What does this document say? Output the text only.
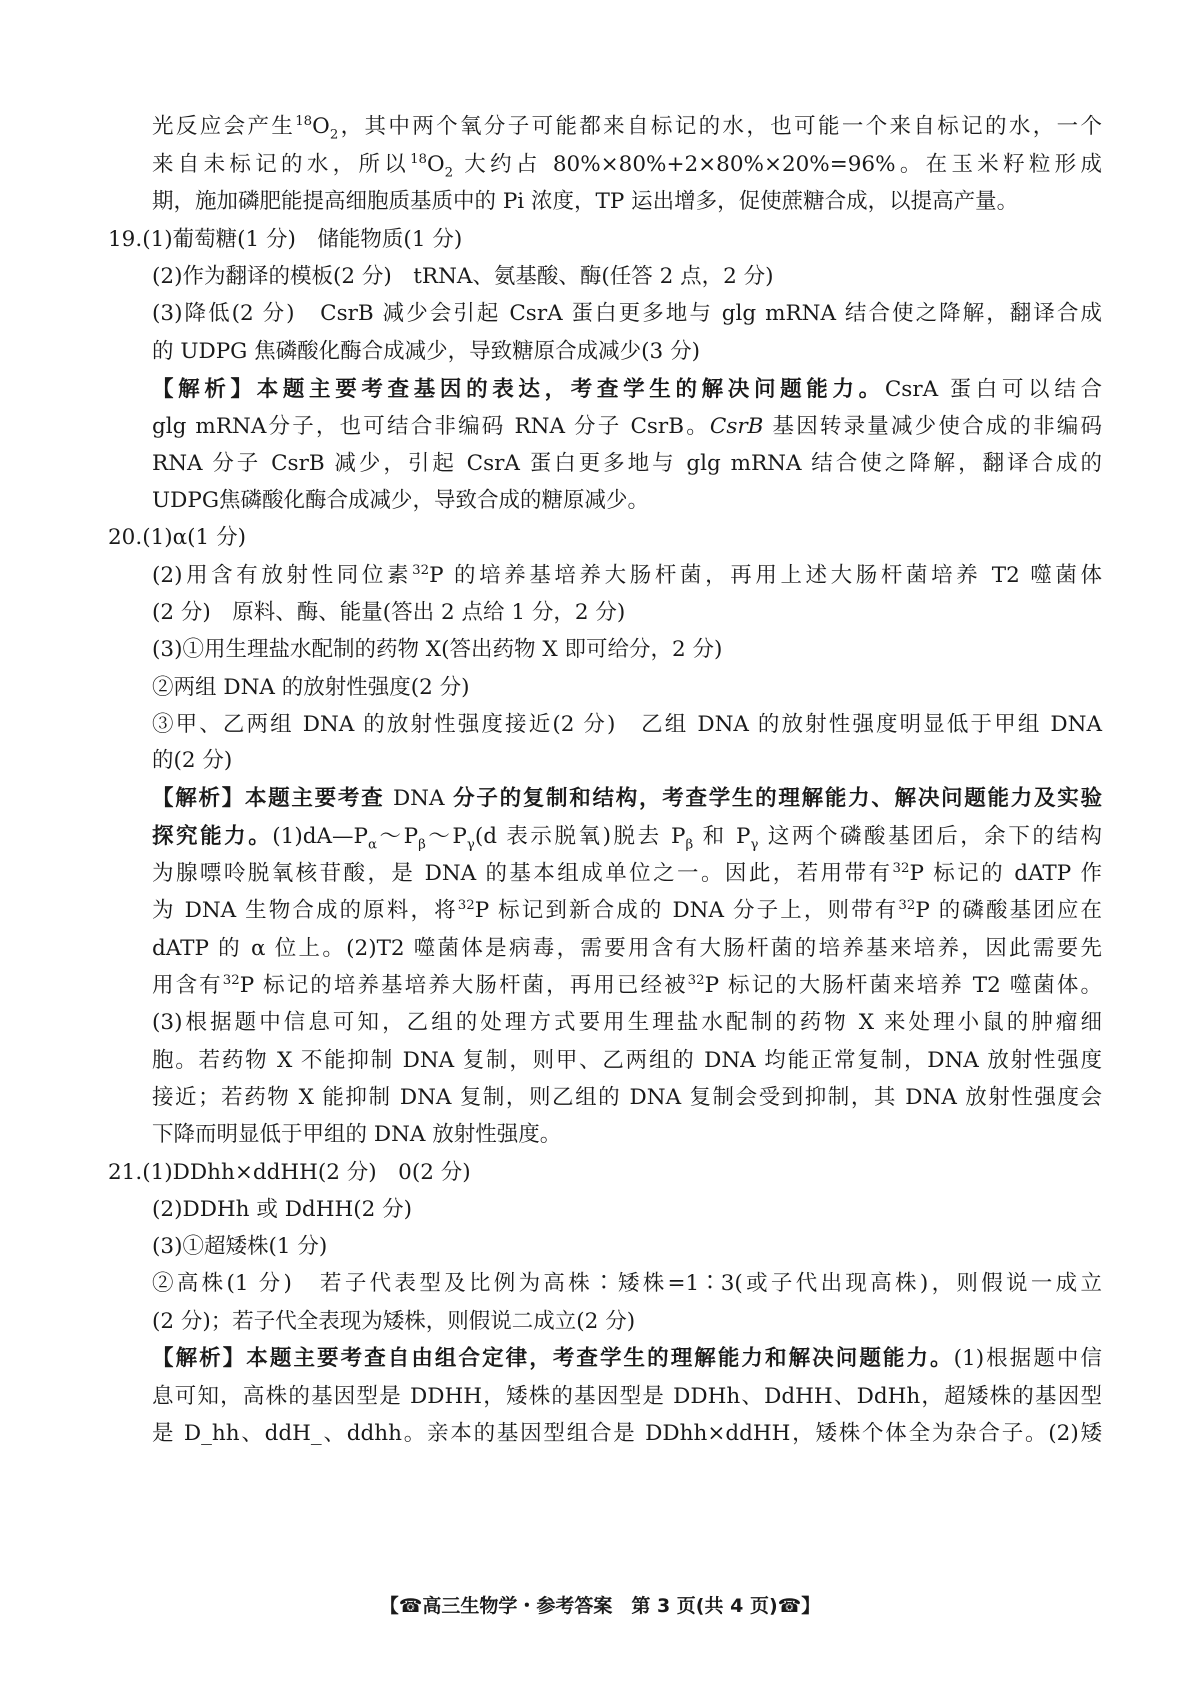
光反应会产生$^{18}O_2$，其中两个氧分子可能都来自标记的水，也可能一个来自标记的水，一个
来自未标记的水，所以$^{18}O_2$ 大约占 80%×80%+2×80%×20%=96%。在玉米籽粒形成
期，施加磷肥能提高细胞质基质中的 Pi 浓度，TP 运出增多，促使蔗糖合成，以提高产量。
19.(1)葡萄糖(1 分)　储能物质(1 分)
(2)作为翻译的模板(2 分)　tRNA、氨基酸、酶(任答 2 点，2 分)
(3)降低(2 分)　CsrB 减少会引起 CsrA 蛋白更多地与 glg mRNA 结合使之降解，翻译合成
的 UDPG 焦磷酸化酶合成减少，导致糖原合成减少(3 分)
【解析】本题主要考查基因的表达，考查学生的解决问题能力。CsrA 蛋白可以结合
glg mRNA分子，也可结合非编码 RNA 分子 CsrB。CsrB 基因转录量减少使合成的非编码
RNA 分子 CsrB 减少，引起 CsrA 蛋白更多地与 glg mRNA 结合使之降解，翻译合成的
UDPG焦磷酸化酶合成减少，导致合成的糖原减少。
20.(1)α(1 分)
(2)用含有放射性同位素$^{32}$P 的培养基培养大肠杆菌，再用上述大肠杆菌培养 T2 噬菌体
(2 分)　原料、酶、能量(答出 2 点给 1 分，2 分)
(3)①用生理盐水配制的药物 X(答出药物 X 即可给分，2 分)
②两组 DNA 的放射性强度(2 分)
③甲、乙两组 DNA 的放射性强度接近(2 分)　乙组 DNA 的放射性强度明显低于甲组 DNA
的(2 分)
【解析】本题主要考查 DNA 分子的复制和结构，考查学生的理解能力、解决问题能力及实验
探究能力。$(1)dA—P_\alpha\sim P_\beta\sim P_\gamma(d$ 表示脱氧)脱去 $P_\beta$ 和 $P_\gamma$ 这两个磷酸基团后，余下的结构
为腺嘌呤脱氧核苷酸，是 DNA 的基本组成单位之一。因此，若用带有$^{32}$P 标记的 dATP 作
为 DNA 生物合成的原料，将$^{32}$P 标记到新合成的 DNA 分子上，则带有$^{32}$P 的磷酸基团应在
dATP 的 α 位上。(2)T2 噬菌体是病毒，需要用含有大肠杆菌的培养基来培养，因此需要先
用含有$^{32}$P 标记的培养基培养大肠杆菌，再用已经被$^{32}$P 标记的大肠杆菌来培养 T2 噬菌体。
(3)根据题中信息可知，乙组的处理方式要用生理盐水配制的药物 X 来处理小鼠的肿瘤细
胞。若药物 X 不能抑制 DNA 复制，则甲、乙两组的 DNA 均能正常复制，DNA 放射性强度
接近；若药物 X 能抑制 DNA 复制，则乙组的 DNA 复制会受到抑制，其 DNA 放射性强度会
下降而明显低于甲组的 DNA 放射性强度。
21.(1)DDhh×ddHH(2 分)　0(2 分)
(2)DDHh 或 DdHH(2 分)
(3)①超矮株(1 分)
②高株(1 分)　若子代表型及比例为高株∶矮株=1∶3(或子代出现高株)，则假说一成立
(2 分)；若子代全表现为矮株，则假说二成立(2 分)
【解析】本题主要考查自由组合定律，考查学生的理解能力和解决问题能力。(1)根据题中信
息可知，高株的基因型是 DDHH，矮株的基因型是 DDHh、DdHH、DdHh，超矮株的基因型
是 D_hh、ddH_、ddhh。亲本的基因型组合是 DDhh×ddHH，矮株个体全为杂合子。(2)矮
【☎高三生物学・参考答案　第 3 页(共 4 页)☎】
